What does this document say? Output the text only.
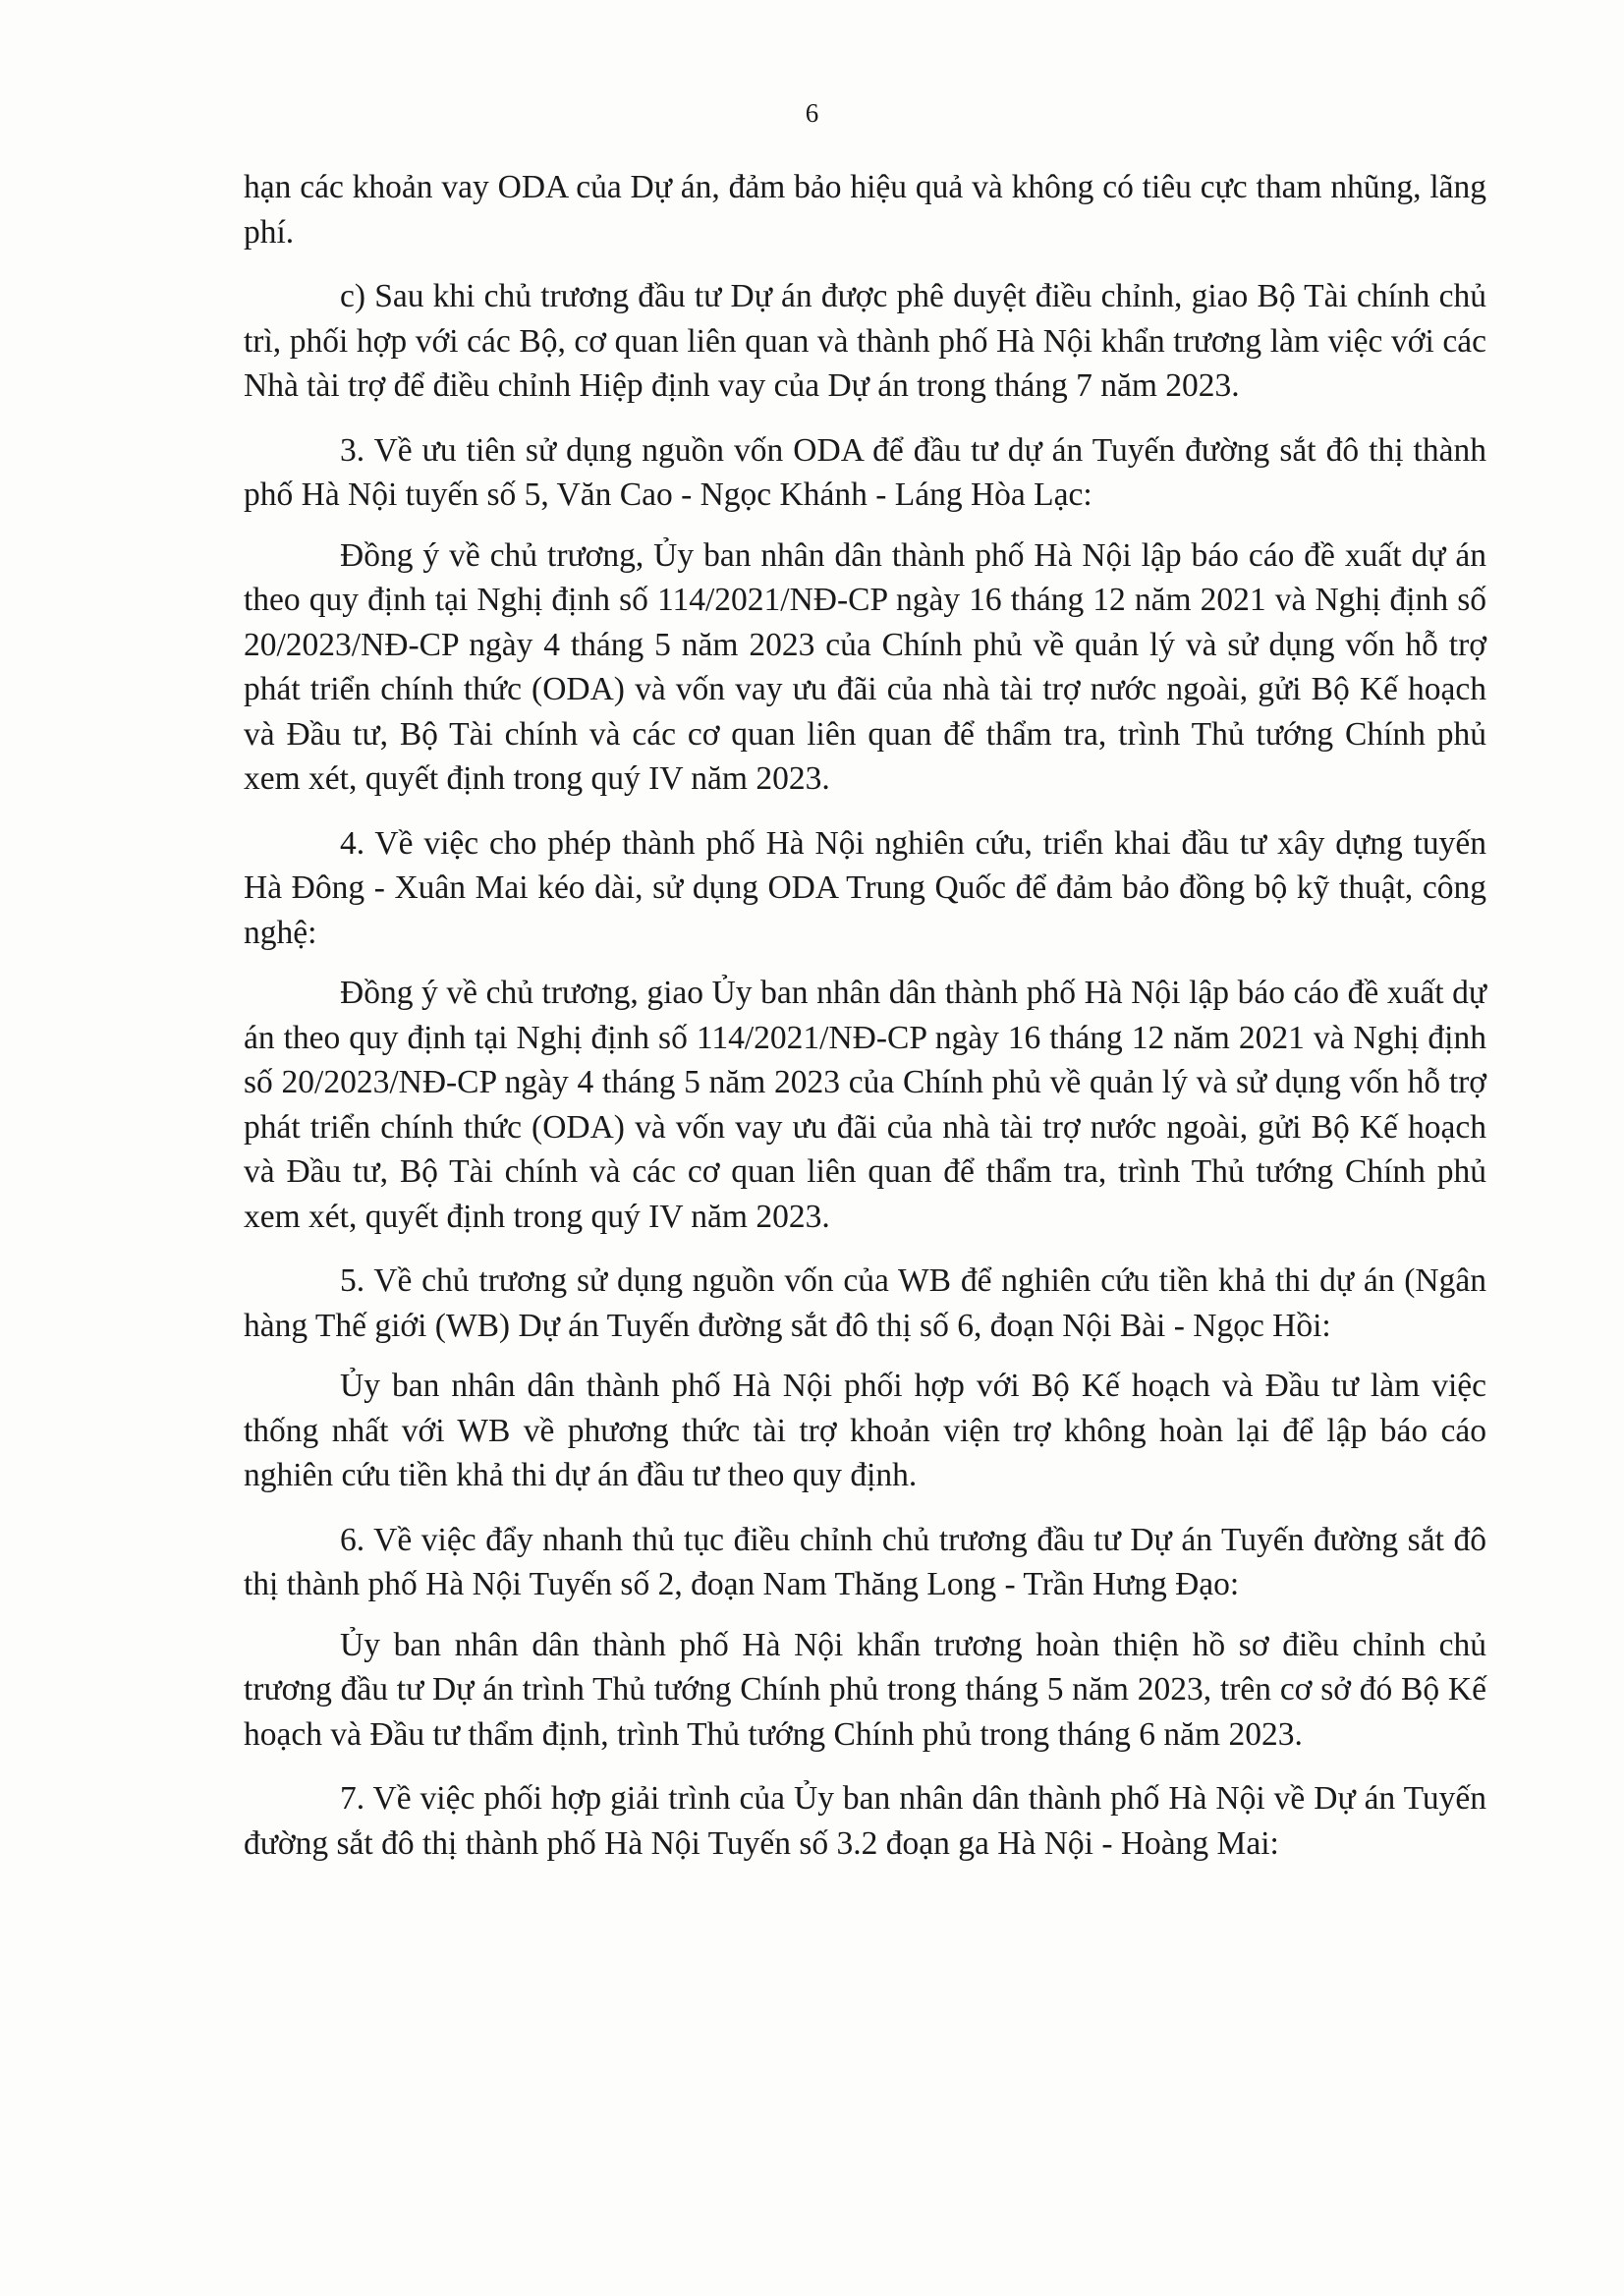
6

hạn các khoản vay ODA của Dự án, đảm bảo hiệu quả và không có tiêu cực tham nhũng, lãng phí.

c) Sau khi chủ trương đầu tư Dự án được phê duyệt điều chỉnh, giao Bộ Tài chính chủ trì, phối hợp với các Bộ, cơ quan liên quan và thành phố Hà Nội khẩn trương làm việc với các Nhà tài trợ để điều chỉnh Hiệp định vay của Dự án trong tháng 7 năm 2023.

3. Về ưu tiên sử dụng nguồn vốn ODA để đầu tư dự án Tuyến đường sắt đô thị thành phố Hà Nội tuyến số 5, Văn Cao - Ngọc Khánh - Láng Hòa Lạc:

Đồng ý về chủ trương, Ủy ban nhân dân thành phố Hà Nội lập báo cáo đề xuất dự án theo quy định tại Nghị định số 114/2021/NĐ-CP ngày 16 tháng 12 năm 2021 và Nghị định số 20/2023/NĐ-CP ngày 4 tháng 5 năm 2023 của Chính phủ về quản lý và sử dụng vốn hỗ trợ phát triển chính thức (ODA) và vốn vay ưu đãi của nhà tài trợ nước ngoài, gửi Bộ Kế hoạch và Đầu tư, Bộ Tài chính và các cơ quan liên quan để thẩm tra, trình Thủ tướng Chính phủ xem xét, quyết định trong quý IV năm 2023.

4. Về việc cho phép thành phố Hà Nội nghiên cứu, triển khai đầu tư xây dựng tuyến Hà Đông - Xuân Mai kéo dài, sử dụng ODA Trung Quốc để đảm bảo đồng bộ kỹ thuật, công nghệ:

Đồng ý về chủ trương, giao Ủy ban nhân dân thành phố Hà Nội lập báo cáo đề xuất dự án theo quy định tại Nghị định số 114/2021/NĐ-CP ngày 16 tháng 12 năm 2021 và Nghị định số 20/2023/NĐ-CP ngày 4 tháng 5 năm 2023 của Chính phủ về quản lý và sử dụng vốn hỗ trợ phát triển chính thức (ODA) và vốn vay ưu đãi của nhà tài trợ nước ngoài, gửi Bộ Kế hoạch và Đầu tư, Bộ Tài chính và các cơ quan liên quan để thẩm tra, trình Thủ tướng Chính phủ xem xét, quyết định trong quý IV năm 2023.

5. Về chủ trương sử dụng nguồn vốn của WB để nghiên cứu tiền khả thi dự án (Ngân hàng Thế giới (WB) Dự án Tuyến đường sắt đô thị số 6, đoạn Nội Bài - Ngọc Hồi:

Ủy ban nhân dân thành phố Hà Nội phối hợp với Bộ Kế hoạch và Đầu tư làm việc thống nhất với WB về phương thức tài trợ khoản viện trợ không hoàn lại để lập báo cáo nghiên cứu tiền khả thi dự án đầu tư theo quy định.

6. Về việc đẩy nhanh thủ tục điều chỉnh chủ trương đầu tư Dự án Tuyến đường sắt đô thị thành phố Hà Nội Tuyến số 2, đoạn Nam Thăng Long - Trần Hưng Đạo:

Ủy ban nhân dân thành phố Hà Nội khẩn trương hoàn thiện hồ sơ điều chỉnh chủ trương đầu tư Dự án trình Thủ tướng Chính phủ trong tháng 5 năm 2023, trên cơ sở đó Bộ Kế hoạch và Đầu tư thẩm định, trình Thủ tướng Chính phủ trong tháng 6 năm 2023.

7. Về việc phối hợp giải trình của Ủy ban nhân dân thành phố Hà Nội về Dự án Tuyến đường sắt đô thị thành phố Hà Nội Tuyến số 3.2 đoạn ga Hà Nội - Hoàng Mai:
